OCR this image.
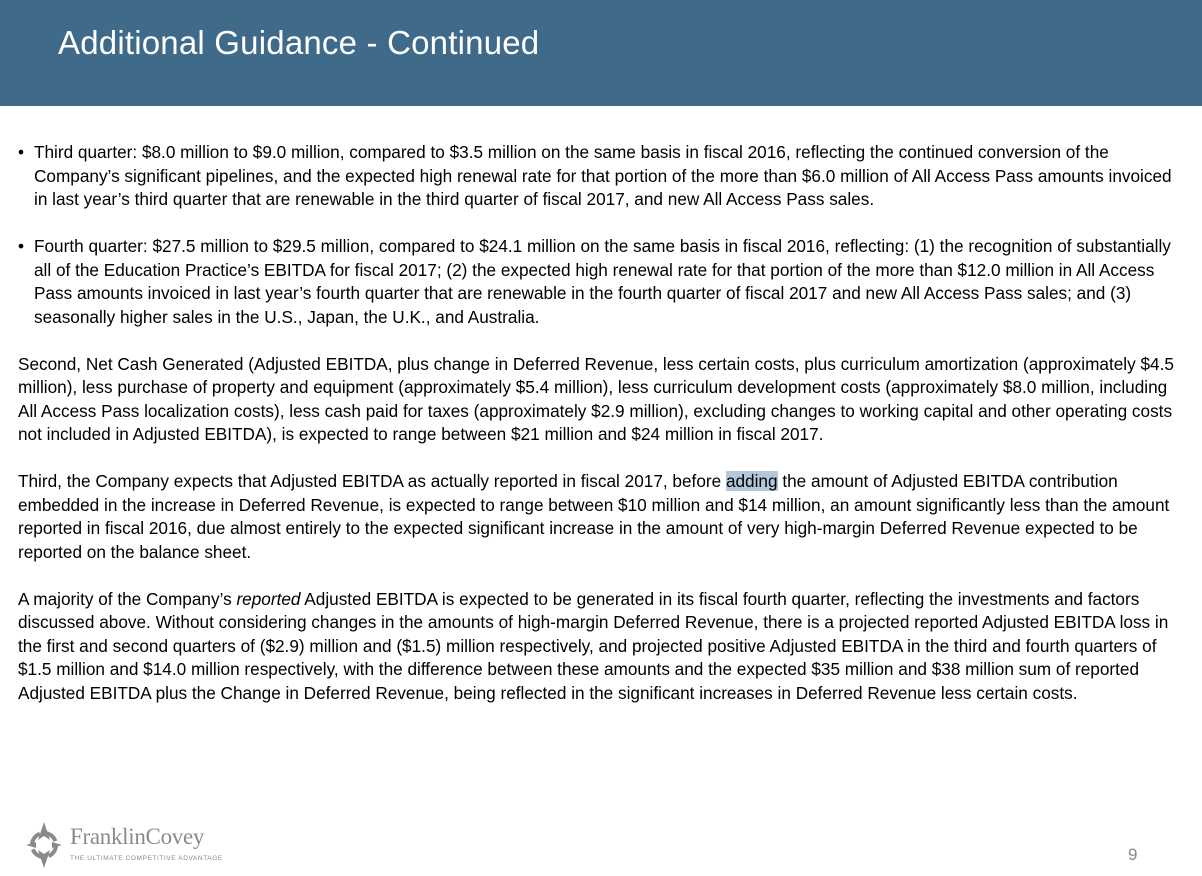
Additional Guidance - Continued
• Third quarter: $8.0 million to $9.0 million, compared to $3.5 million on the same basis in fiscal 2016, reflecting the continued conversion of the Company’s significant pipelines, and the expected high renewal rate for that portion of the more than $6.0 million of All Access Pass amounts invoiced in last year’s third quarter that are renewable in the third quarter of fiscal 2017, and new All Access Pass sales.
• Fourth quarter: $27.5 million to $29.5 million, compared to $24.1 million on the same basis in fiscal 2016, reflecting: (1) the recognition of substantially all of the Education Practice’s EBITDA for fiscal 2017; (2) the expected high renewal rate for that portion of the more than $12.0 million in All Access Pass amounts invoiced in last year’s fourth quarter that are renewable in the fourth quarter of fiscal 2017 and new All Access Pass sales; and (3) seasonally higher sales in the U.S., Japan, the U.K., and Australia.

Second, Net Cash Generated (Adjusted EBITDA, plus change in Deferred Revenue, less certain costs, plus curriculum amortization (approximately $4.5 million), less purchase of property and equipment (approximately $5.4 million), less curriculum development costs (approximately $8.0 million, including All Access Pass localization costs), less cash paid for taxes (approximately $2.9 million), excluding changes to working capital and other operating costs not included in Adjusted EBITDA), is expected to range between $21 million and $24 million in fiscal 2017.

Third, the Company expects that Adjusted EBITDA as actually reported in fiscal 2017, before adding the amount of Adjusted EBITDA contribution embedded in the increase in Deferred Revenue, is expected to range between $10 million and $14 million, an amount significantly less than the amount reported in fiscal 2016, due almost entirely to the expected significant increase in the amount of very high-margin Deferred Revenue expected to be reported on the balance sheet.

A majority of the Company’s reported Adjusted EBITDA is expected to be generated in its fiscal fourth quarter, reflecting the investments and factors discussed above. Without considering changes in the amounts of high-margin Deferred Revenue, there is a projected reported Adjusted EBITDA loss in the first and second quarters of ($2.9) million and ($1.5) million respectively, and projected positive Adjusted EBITDA in the third and fourth quarters of $1.5 million and $14.0 million respectively, with the difference between these amounts and the expected $35 million and $38 million sum of reported Adjusted EBITDA plus the Change in Deferred Revenue, being reflected in the significant increases in Deferred Revenue less certain costs.

FranklinCovey
THE ULTIMATE COMPETITIVE ADVANTAGE	9
